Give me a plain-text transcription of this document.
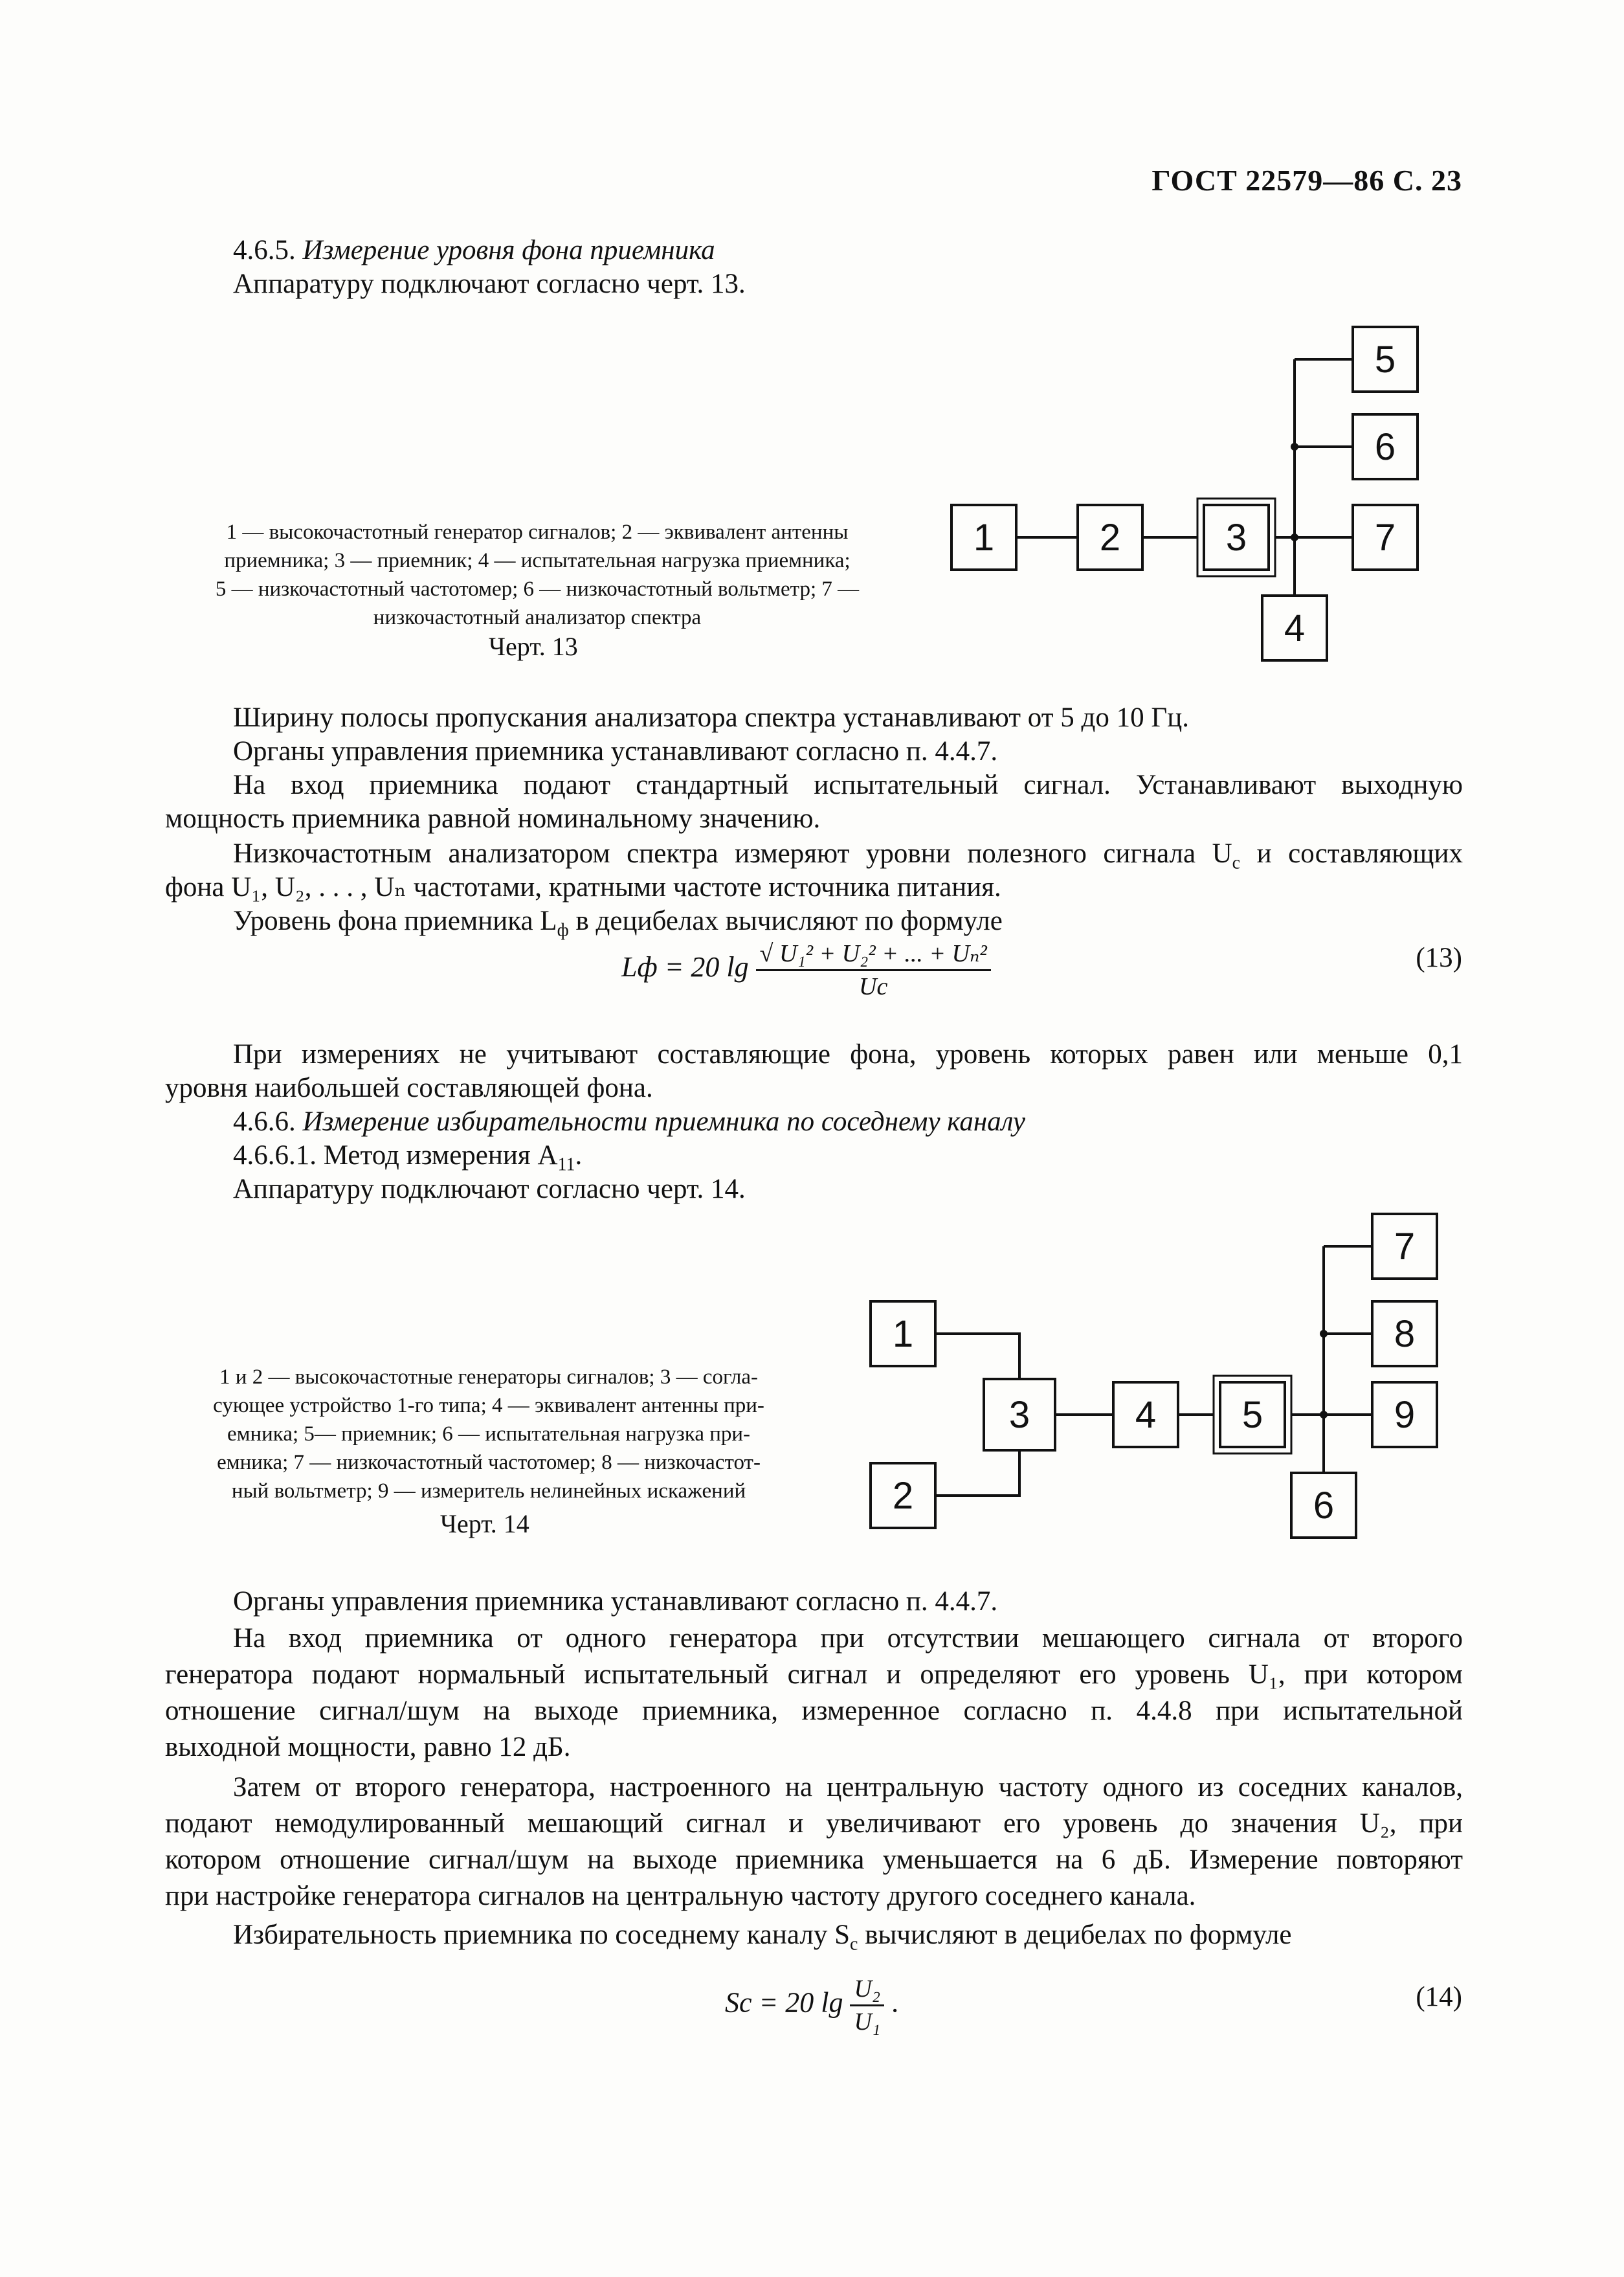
ГОСТ 22579—86 С. 23
4.6.5. Измерение уровня фона приемника
Аппаратуру подключают согласно черт. 13.
1 — высокочастотный генератор сигналов; 2 — эквивалент антенны
приемника; 3 — приемник; 4 — испытательная нагрузка приемника;
5 — низкочастотный частотомер; 6 — низкочастотный вольтметр; 7 —
низкочастотный анализатор спектра
Черт. 13
1	2	3
4
5
6
7
Ширину полосы пропускания анализатора спектра устанавливают от 5 до 10 Гц.
Органы управления приемника устанавливают согласно п. 4.4.7.
На вход приемника подают стандартный испытательный сигнал. Устанавливают выходную
мощность приемника равной номинальному значению.
Низкочастотным анализатором спектра измеряют уровни полезного сигнала $U_с$ и составляющих
фона U₁, U₂, . . . , Uₙ частотами, кратными частоте источника питания.
Уровень фона приемника $L_ф$ в децибелах вычисляют по формуле
Lф = 20 $\lg \frac{\text{√ U₁² + U₂² + ... + Uₙ²}}{Uс}$	(13)
При измерениях не учитывают составляющие фона, уровень которых равен или меньше 0,1
уровня наибольшей составляющей фона.
4.6.6. Измерение избирательности приемника по соседнему каналу
4.6.6.1. Метод измерения $А_{11}$.
Аппаратуру подключают согласно черт. 14.
1 и 2 — высокочастотные генераторы сигналов; 3 — согла-
сующее устройство 1-го типа; 4 — эквивалент антенны при-
емника; 5— приемник; 6 — испытательная нагрузка при-
емника; 7 — низкочастотный частотомер; 8 — низкочастот-
ный вольтметр; 9 — измеритель нелинейных искажений
Черт. 14
1
2
3	4 5
6
7
8
9
Органы управления приемника устанавливают согласно п. 4.4.7.
На вход приемника от одного генератора при отсутствии мешающего сигнала от второго
генератора подают нормальный испытательный сигнал и определяют его уровень U₁, при котором
отношение сигнал/шум на выходе приемника, измеренное согласно п. 4.4.8 при испытательной
выходной мощности, равно 12 дБ.
Затем от второго генератора, настроенного на центральную частоту одного из соседних каналов,
подают немодулированный мешающий сигнал и увеличивают его уровень до значения U₂, при
котором отношение сигнал/шум на выходе приемника уменьшается на 6 дБ. Измерение повторяют
при настройке генератора сигналов на центральную частоту другого соседнего канала.
Избирательность приемника по соседнему каналу $S_с$ вычисляют в децибелах по формуле
Sс = 20 $\lg \frac{\text{U₂}}{\text{U₁}}$ .	(14)
